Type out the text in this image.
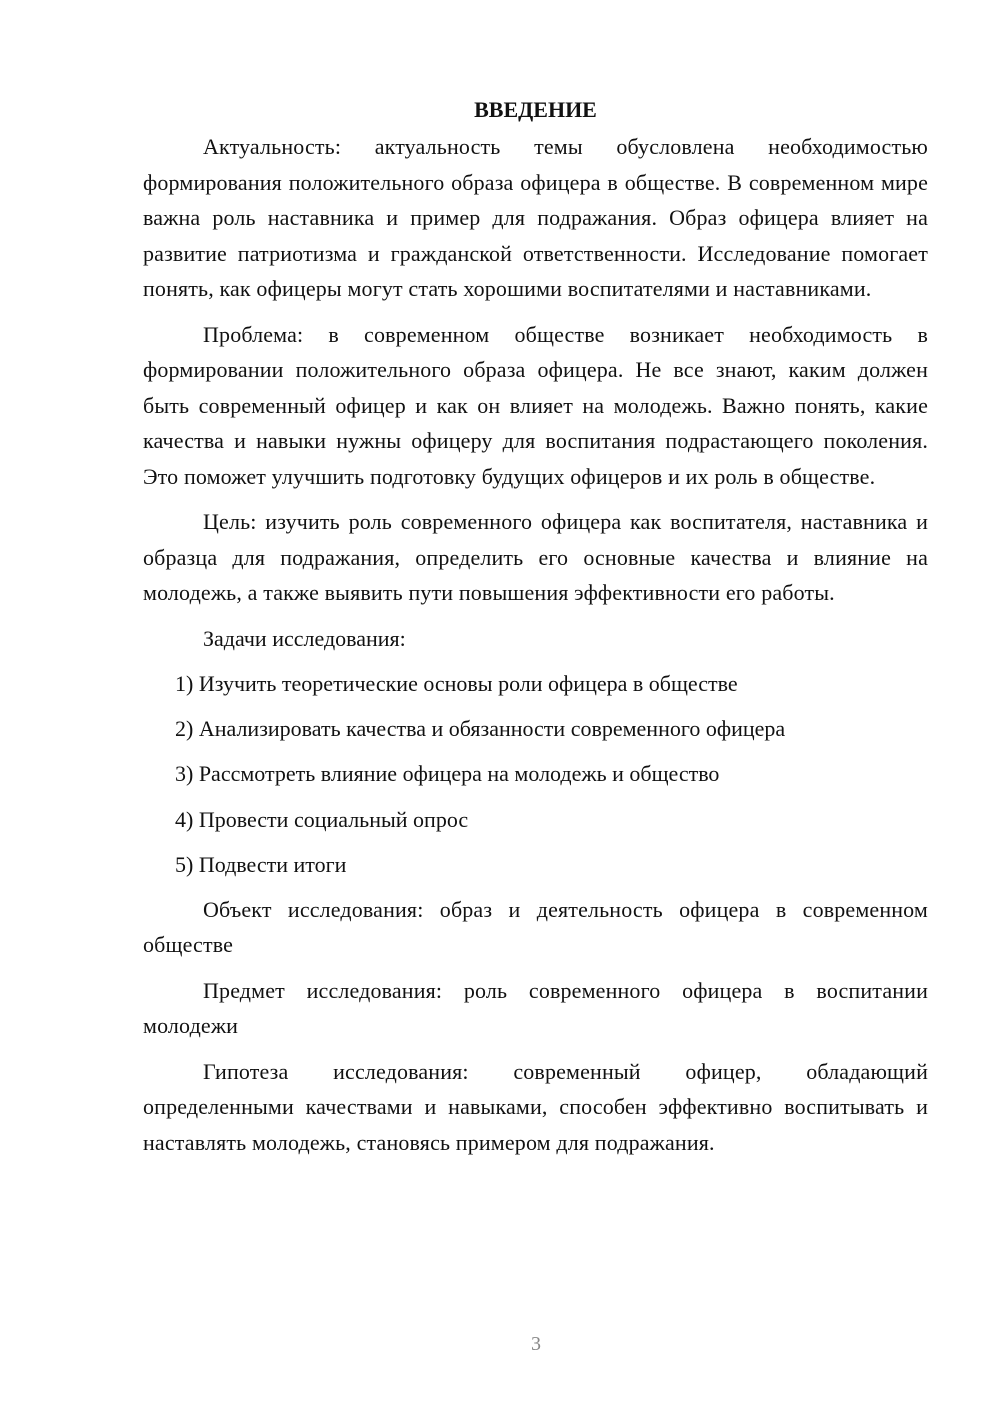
ВВЕДЕНИЕ

Актуальность: актуальность темы обусловлена необходимостью формирования положительного образа офицера в обществе. В современном мире важна роль наставника и пример для подражания. Образ офицера влияет на развитие патриотизма и гражданской ответственности. Исследование помогает понять, как офицеры могут стать хорошими воспитателями и наставниками.

Проблема: в современном обществе возникает необходимость в формировании положительного образа офицера. Не все знают, каким должен быть современный офицер и как он влияет на молодежь. Важно понять, какие качества и навыки нужны офицеру для воспитания подрастающего поколения. Это поможет улучшить подготовку будущих офицеров и их роль в обществе.

Цель: изучить роль современного офицера как воспитателя, наставника и образца для подражания, определить его основные качества и влияние на молодежь, а также выявить пути повышения эффективности его работы.

Задачи исследования:

1) Изучить теоретические основы роли офицера в обществе
2) Анализировать качества и обязанности современного офицера
3) Рассмотреть влияние офицера на молодежь и общество
4) Провести социальный опрос
5) Подвести итоги

Объект исследования: образ и деятельность офицера в современном обществе

Предмет исследования: роль современного офицера в воспитании молодежи

Гипотеза исследования: современный офицер, обладающий определенными качествами и навыками, способен эффективно воспитывать и наставлять молодежь, становясь примером для подражания.

3
